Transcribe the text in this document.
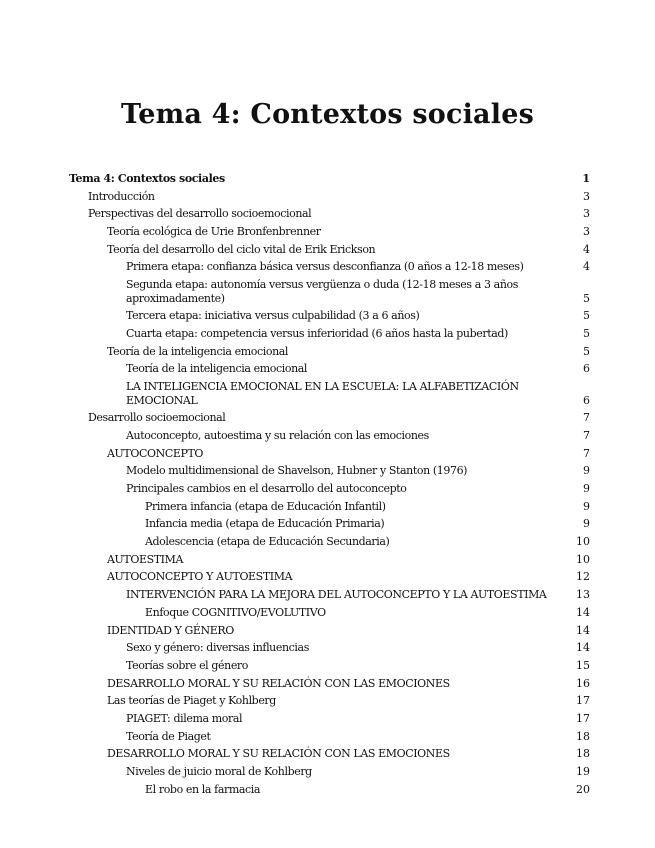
Tema 4: Contextos sociales
Tema 4: Contextos sociales	1
Introducción	3
Perspectivas del desarrollo socioemocional	3
Teoría ecológica de Urie Bronfenbrenner	3
Teoría del desarrollo del ciclo vital de Erik Erickson	4
Primera etapa: confianza básica versus desconfianza (0 años a 12-18 meses)	4
Segunda etapa: autonomía versus vergüenza o duda (12-18 meses a 3 años aproximadamente)	5
Tercera etapa: iniciativa versus culpabilidad (3 a 6 años)	5
Cuarta etapa: competencia versus inferioridad (6 años hasta la pubertad)	5
Teoría de la inteligencia emocional	5
Teoría de la inteligencia emocional	6
LA INTELIGENCIA EMOCIONAL EN LA ESCUELA: LA ALFABETIZACIÓN EMOCIONAL	6
Desarrollo socioemocional	7
Autoconcepto, autoestima y su relación con las emociones	7
AUTOCONCEPTO	7
Modelo multidimensional de Shavelson, Hubner y Stanton (1976)	9
Principales cambios en el desarrollo del autoconcepto	9
Primera infancia (etapa de Educación Infantil)	9
Infancia media (etapa de Educación Primaria)	9
Adolescencia (etapa de Educación Secundaria)	10
AUTOESTIMA	10
AUTOCONCEPTO Y AUTOESTIMA	12
INTERVENCIÓN PARA LA MEJORA DEL AUTOCONCEPTO Y LA AUTOESTIMA	13
Enfoque COGNITIVO/EVOLUTIVO	14
IDENTIDAD Y GÉNERO	14
Sexo y género: diversas influencias	14
Teorías sobre el género	15
DESARROLLO MORAL Y SU RELACIÓN CON LAS EMOCIONES	16
Las teorías de Piaget y Kohlberg	17
PIAGET: dilema moral	17
Teoría de Piaget	18
DESARROLLO MORAL Y SU RELACIÓN CON LAS EMOCIONES	18
Niveles de juicio moral de Kohlberg	19
El robo en la farmacia	20
